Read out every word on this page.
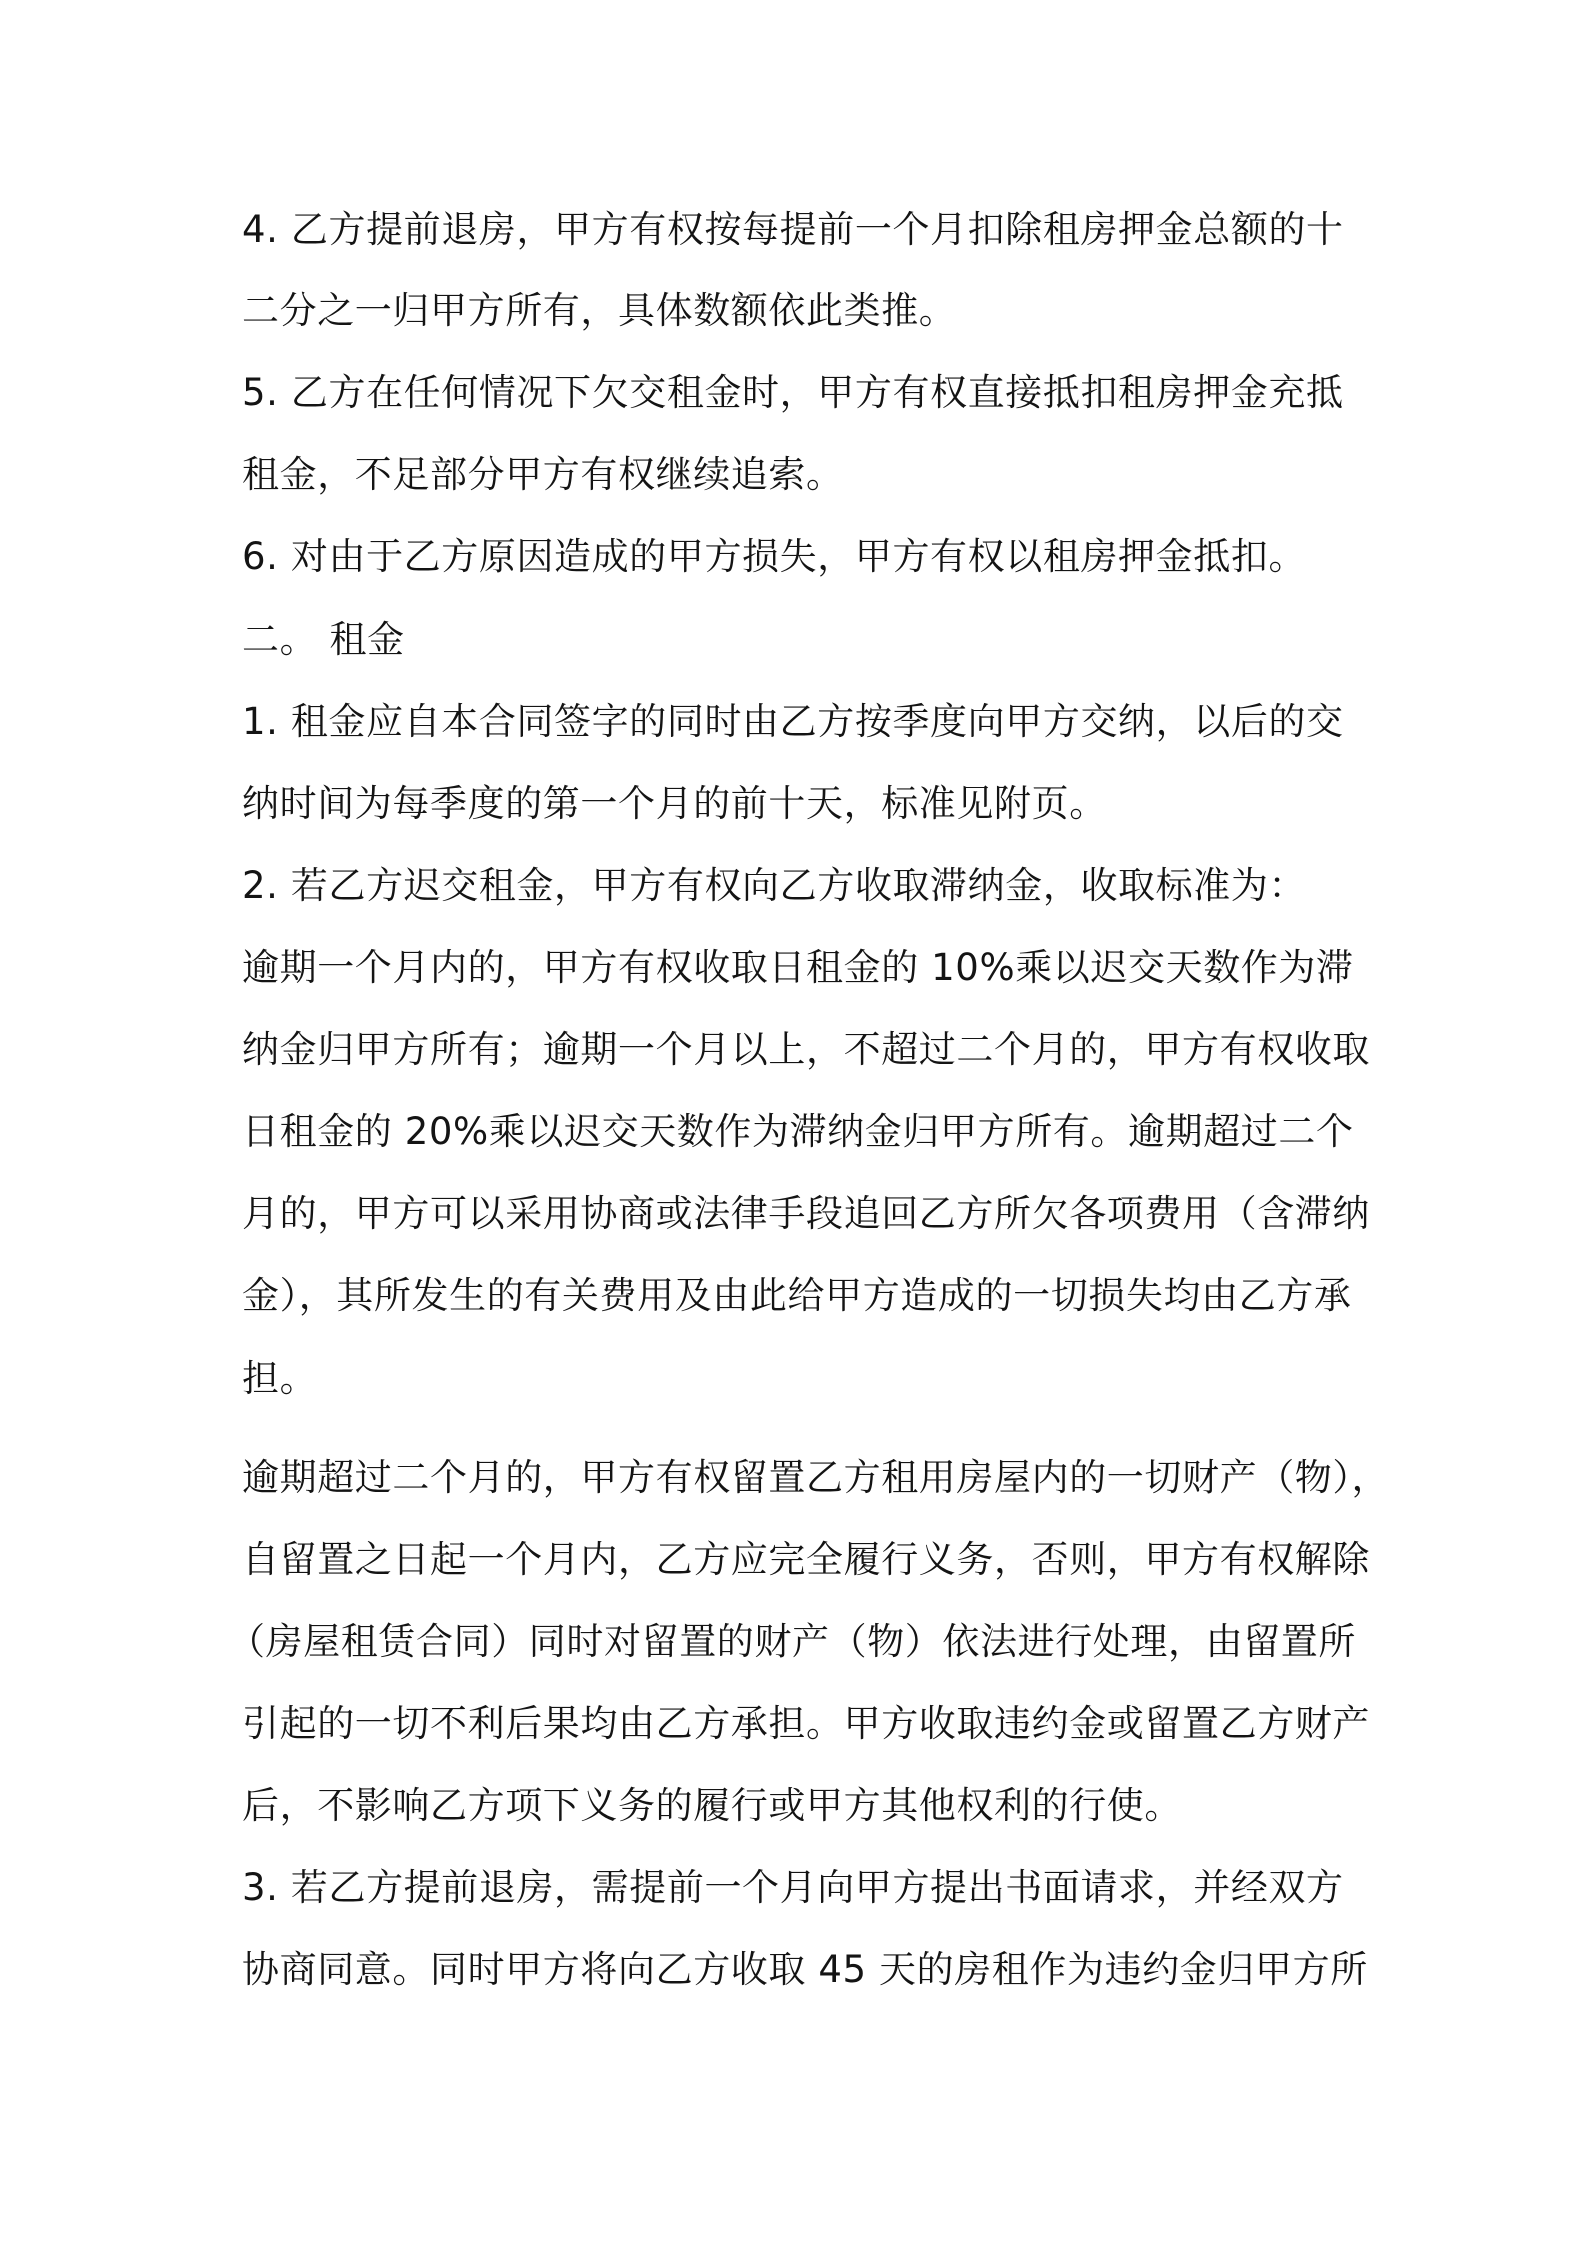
4. 乙方提前退房，甲方有权按每提前一个月扣除租房押金总额的十
二分之一归甲方所有，具体数额依此类推。
5. 乙方在任何情况下欠交租金时，甲方有权直接抵扣租房押金充抵
租金，不足部分甲方有权继续追索。
6. 对由于乙方原因造成的甲方损失，甲方有权以租房押金抵扣。
二。 租金
1. 租金应自本合同签字的同时由乙方按季度向甲方交纳，以后的交
纳时间为每季度的第一个月的前十天，标准见附页。
2. 若乙方迟交租金，甲方有权向乙方收取滞纳金，收取标准为：
逾期一个月内的，甲方有权收取日租金的 10%乘以迟交天数作为滞
纳金归甲方所有；逾期一个月以上，不超过二个月的，甲方有权收取
日租金的 20%乘以迟交天数作为滞纳金归甲方所有。逾期超过二个
月的，甲方可以采用协商或法律手段追回乙方所欠各项费用（含滞纳
金），其所发生的有关费用及由此给甲方造成的一切损失均由乙方承
担。
逾期超过二个月的，甲方有权留置乙方租用房屋内的一切财产（物），
自留置之日起一个月内，乙方应完全履行义务，否则，甲方有权解除
（房屋租赁合同）同时对留置的财产（物）依法进行处理，由留置所
引起的一切不利后果均由乙方承担。甲方收取违约金或留置乙方财产
后，不影响乙方项下义务的履行或甲方其他权利的行使。
3. 若乙方提前退房，需提前一个月向甲方提出书面请求，并经双方
协商同意。同时甲方将向乙方收取 45 天的房租作为违约金归甲方所
